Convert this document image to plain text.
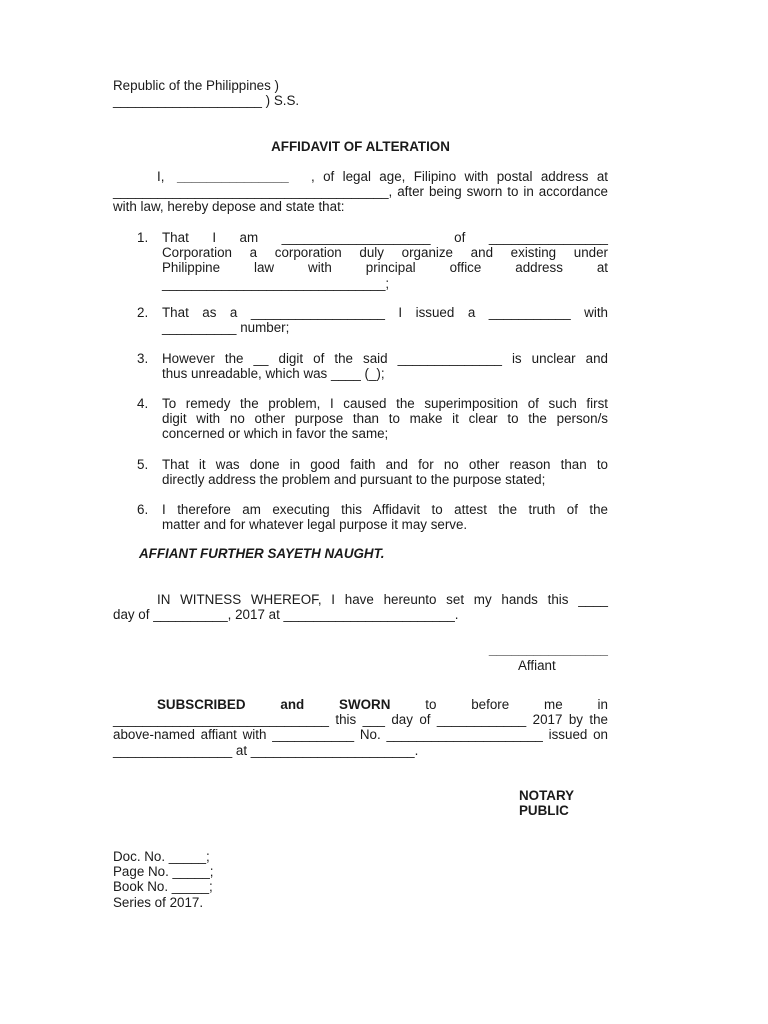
Republic of the Philippines )
____________________ ) S.S.
AFFIDAVIT OF ALTERATION
I, _______________ , of legal age, Filipino with postal address at
_____________________________________, after being sworn to in accordance
with law, hereby depose and state that:
1.	That I am ____________________ of ________________
Corporation a corporation duly organize and existing under
Philippine law with principal office address at
______________________________;
2.	That as a __________________ I issued a ___________ with
__________ number;
3.	However the __ digit of the said ______________ is unclear and
thus unreadable, which was ____ (_);
4.	To remedy the problem, I caused the superimposition of such first
digit with no other purpose than to make it clear to the person/s
concerned or which in favor the same;
5.	That it was done in good faith and for no other reason than to
directly address the problem and pursuant to the purpose stated;
6.	I therefore am executing this Affidavit to attest the truth of the
matter and for whatever legal purpose it may serve.
AFFIANT FURTHER SAYETH NAUGHT.
IN WITNESS WHEREOF, I have hereunto set my hands this ____
day of __________, 2017 at _______________________.
________________
Affiant
SUBSCRIBED	and	SWORN	to	before	me	in
_____________________________ this ___ day of ____________ 2017 by the
above-named affiant with ___________ No. _____________________ issued on
________________ at ______________________.
NOTARY PUBLIC
Doc. No. _____;
Page No. _____;
Book No. _____;
Series of 2017.
